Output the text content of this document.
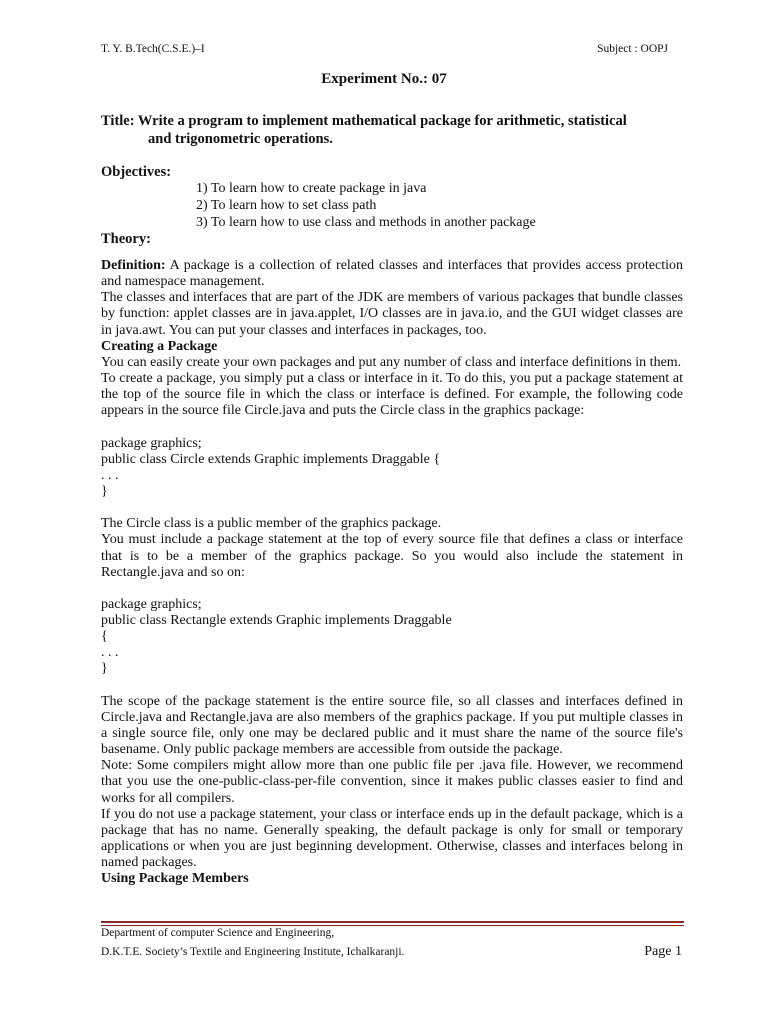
T. Y. B.Tech(C.S.E.)–I	Subject : OOPJ
Experiment No.: 07
Title: Write a program to implement mathematical package for arithmetic, statistical
and trigonometric operations.
Objectives:
1) To learn how to create package in java
2) To learn how to set class path
3) To learn how to use class and methods in another package
Theory:

Definition: A package is a collection of related classes and interfaces that provides access protection and namespace management.

The classes and interfaces that are part of the JDK are members of various packages that bundle classes by function: applet classes are in java.applet, I/O classes are in java.io, and the GUI widget classes are in java.awt. You can put your classes and interfaces in packages, too.

Creating a Package

You can easily create your own packages and put any number of class and interface definitions in them.

To create a package, you simply put a class or interface in it. To do this, you put a package statement at the top of the source file in which the class or interface is defined. For example, the following code appears in the source file Circle.java and puts the Circle class in the graphics package:

package graphics;

public class Circle extends Graphic implements Draggable {

. . .

}

The Circle class is a public member of the graphics package.

You must include a package statement at the top of every source file that defines a class or interface that is to be a member of the graphics package. So you would also include the statement in Rectangle.java and so on:

package graphics;

public class Rectangle extends Graphic implements Draggable

{

. . .

}

The scope of the package statement is the entire source file, so all classes and interfaces defined in Circle.java and Rectangle.java are also members of the graphics package. If you put multiple classes in a single source file, only one may be declared public and it must share the name of the source file's basename. Only public package members are accessible from outside the package.

Note: Some compilers might allow more than one public file per .java file. However, we recommend that you use the one-public-class-per-file convention, since it makes public classes easier to find and works for all compilers.

If you do not use a package statement, your class or interface ends up in the default package, which is a package that has no name. Generally speaking, the default package is only for small or temporary applications or when you are just beginning development. Otherwise, classes and interfaces belong in named packages.

Using Package Members

Department of computer Science and Engineering,
D.K.T.E. Society’s Textile and Engineering Institute, Ichalkaranji.	Page 1
